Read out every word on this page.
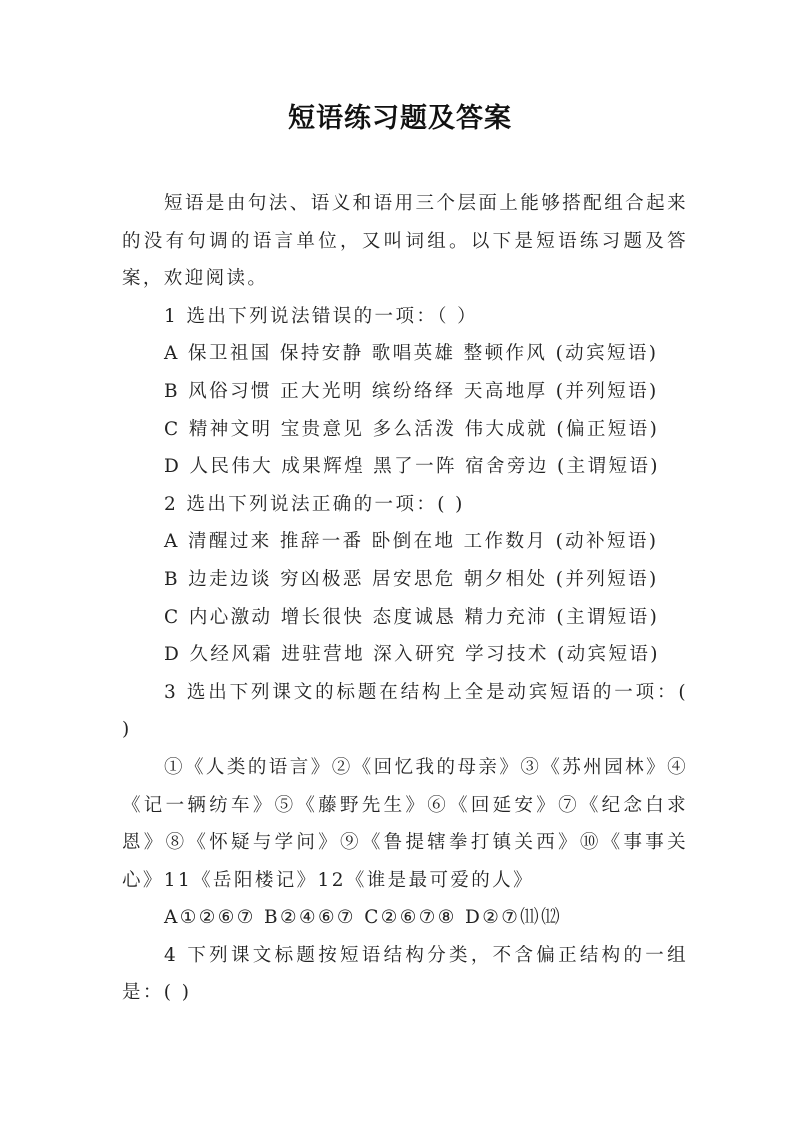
短语练习题及答案

短语是由句法、语义和语用三个层面上能够搭配组合起来的没有句调的语言单位，又叫词组。以下是短语练习题及答案，欢迎阅读。

1 选出下列说法错误的一项：（ ）

A 保卫祖国 保持安静 歌唱英雄 整顿作风 (动宾短语)

B 风俗习惯 正大光明 缤纷络绎 天高地厚 (并列短语)

C 精神文明 宝贵意见 多么活泼 伟大成就 (偏正短语)

D 人民伟大 成果辉煌 黑了一阵 宿舍旁边 (主谓短语)

2 选出下列说法正确的一项：( )

A 清醒过来 推辞一番 卧倒在地 工作数月 (动补短语)

B 边走边谈 穷凶极恶 居安思危 朝夕相处 (并列短语)

C 内心激动 增长很快 态度诚恳 精力充沛 (主谓短语)

D 久经风霜 进驻营地 深入研究 学习技术 (动宾短语)

3 选出下列课文的标题在结构上全是动宾短语的一项：( )

①《人类的语言》②《回忆我的母亲》③《苏州园林》④《记一辆纺车》⑤《藤野先生》⑥《回延安》⑦《纪念白求恩》⑧《怀疑与学问》⑨《鲁提辖拳打镇关西》⑩《事事关心》11《岳阳楼记》12《谁是最可爱的人》

A①②⑥⑦ B②④⑥⑦ C②⑥⑦⑧ D②⑦⑾⑿

4 下列课文标题按短语结构分类，不含偏正结构的一组是：( )
